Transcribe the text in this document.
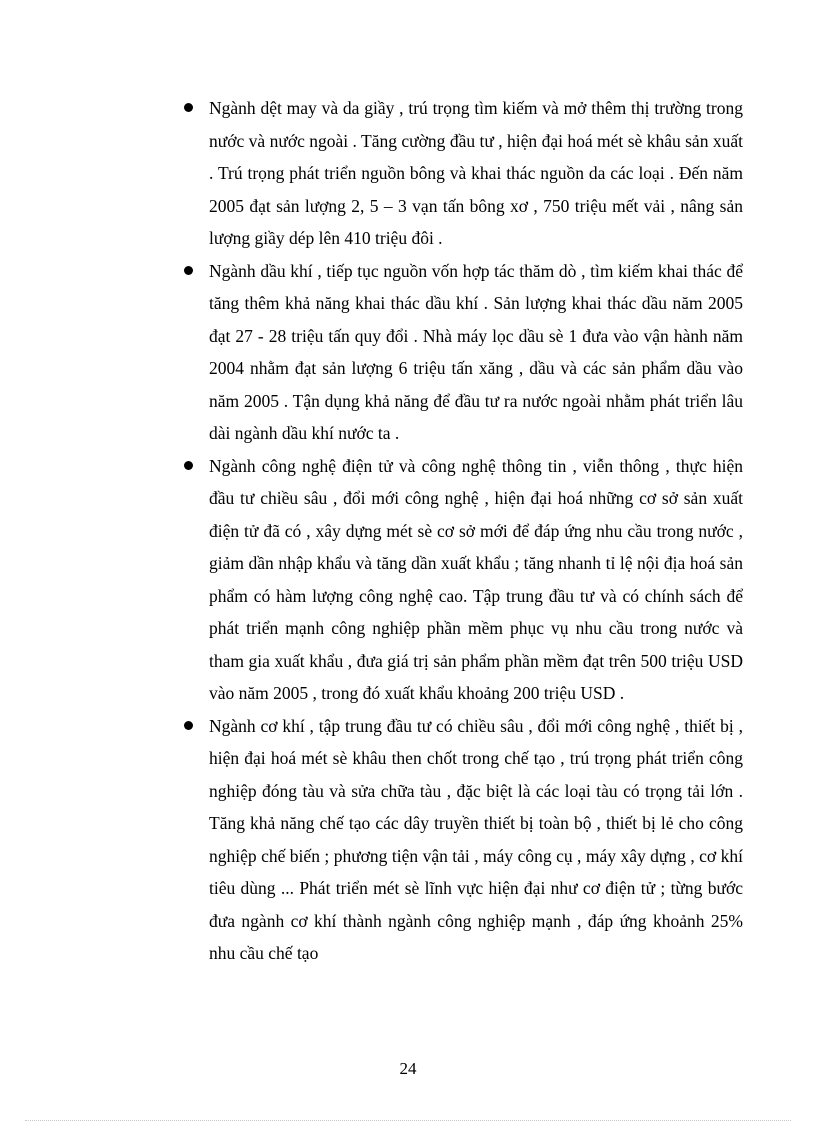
Ngành dệt may và da giầy , trú trọng tìm kiếm và mở thêm thị trường trong nước và nước ngoài . Tăng cường đầu tư , hiện đại hoá mét sè khâu sản xuất . Trú trọng phát triển nguồn bông và khai thác nguồn da các loại . Đến năm 2005 đạt sản lượng 2, 5 – 3 vạn tấn bông xơ , 750 triệu mết vải , nâng sản lượng giầy dép lên 410 triệu đôi .
Ngành dầu khí , tiếp tục nguồn vốn hợp tác thăm dò , tìm kiếm khai thác để tăng thêm khả năng khai thác dầu khí . Sản lượng khai thác dầu năm 2005 đạt 27 - 28 triệu tấn quy đổi . Nhà máy lọc dầu sè 1 đưa vào vận hành năm 2004 nhằm đạt sản lượng 6 triệu tấn xăng , dầu và các sản phẩm dầu vào năm 2005 . Tận dụng khả năng để đầu tư ra nước ngoài nhằm phát triển lâu dài ngành dầu khí nước ta .
Ngành công nghệ điện tử và công nghệ thông tin , viễn thông , thực hiện đầu tư chiều sâu , đổi mới công nghệ , hiện đại hoá những cơ sở sản xuất điện tử đã có , xây dựng mét sè cơ sở mới để đáp ứng nhu cầu trong nước , giảm dần nhập khẩu và tăng dần xuất khẩu ; tăng nhanh tỉ lệ nội địa hoá sản phẩm có hàm lượng công nghệ cao. Tập trung đầu tư và có chính sách để phát triển mạnh công nghiệp phần mềm phục vụ nhu cầu trong nước và tham gia xuất khẩu , đưa giá trị sản phẩm phần mềm đạt trên 500 triệu USD vào năm 2005 , trong đó xuất khẩu khoảng 200 triệu USD .
Ngành cơ khí , tập trung đầu tư có chiều sâu , đổi mới công nghệ , thiết bị , hiện đại hoá mét sè khâu then chốt trong chế tạo , trú trọng phát triển công nghiệp đóng tàu và sửa chữa tàu , đặc biệt là các loại tàu có trọng tải lớn . Tăng khả năng chế tạo các dây truyền thiết bị toàn bộ , thiết bị lẻ cho công nghiệp chế biến ; phương tiện vận tải , máy công cụ , máy xây dựng , cơ khí tiêu dùng ... Phát triển mét sè lĩnh vực hiện đại như cơ điện tử ; từng bước đưa ngành cơ khí thành ngành công nghiệp mạnh , đáp ứng khoảnh 25% nhu cầu chế tạo
24
